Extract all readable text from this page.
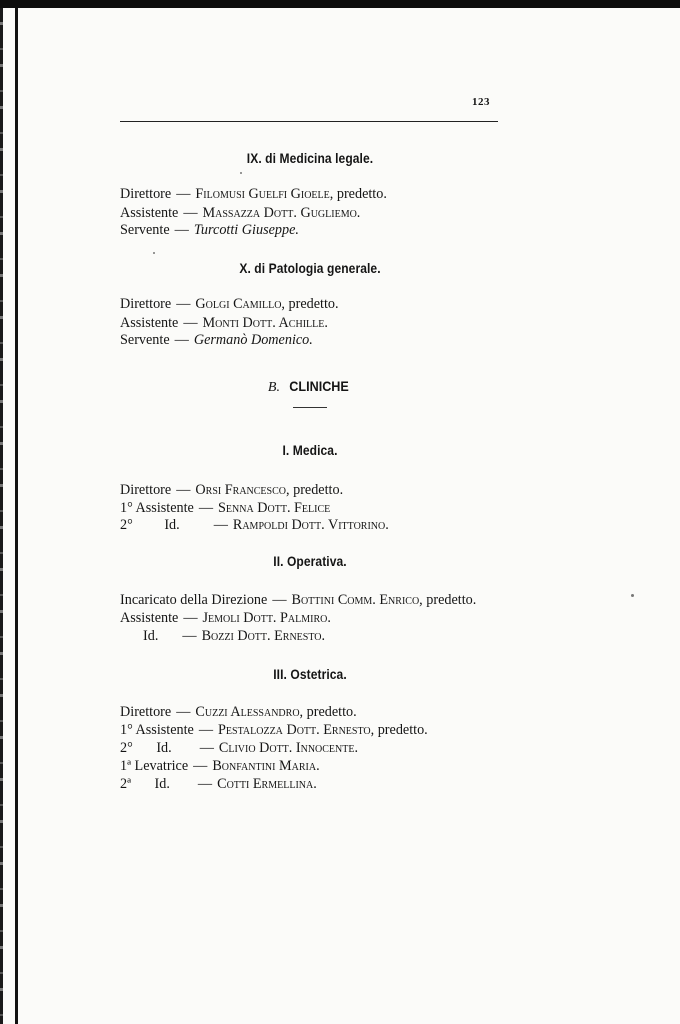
123
IX. di Medicina legale.
Direttore — Filomusi Guelfi Gioele, predetto.
Assistente — Massazza Dott. Gugliemo.
Servente — Turcotti Giuseppe.
X. di Patologia generale.
Direttore — Golgi Camillo, predetto.
Assistente — Monti Dott. Achille.
Servente — Germanò Domenico.
B. CLINICHE
I. Medica.
Direttore — Orsi Francesco, predetto.
1° Assistente — Senna Dott. Felice
2° Id. — Rampoldi Dott. Vittorino.
II. Operativa.
Incaricato della Direzione — Bottini Comm. Enrico, predetto.
Assistente — Jemoli Dott. Palmiro.
Id. — Bozzi Dott. Ernesto.
III. Ostetrica.
Direttore — Cuzzi Alessandro, predetto.
1° Assistente — Pestalozza Dott. Ernesto, predetto.
2° Id. — Clivio Dott. Innocente.
1ª Levatrice — Bonfantini Maria.
2ª Id. — Cotti Ermellina.
